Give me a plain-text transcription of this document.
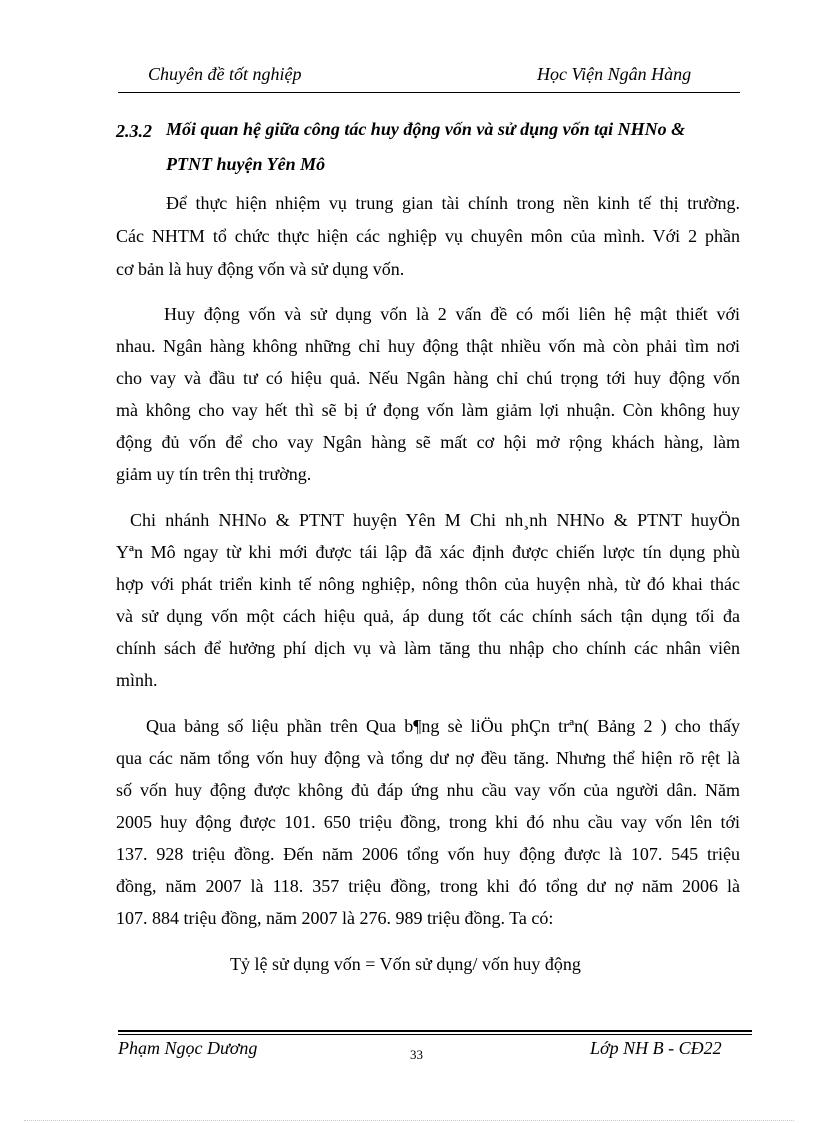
Chuyên đề tốt nghiệp	Học Viện Ngân Hàng
2.3.2 Mối quan hệ giữa công tác huy động vốn và sử dụng vốn tại NHNo &
PTNT huyện Yên Mô
Để thực hiện nhiệm vụ trung gian tài chính trong nền kinh tế thị trường.
Các NHTM tổ chức thực hiện các nghiệp vụ chuyên môn của mình. Với 2 phần
cơ bản là huy động vốn và sử dụng vốn.
Huy động vốn và sử dụng vốn là 2 vấn đề có mối liên hệ mật thiết với
nhau. Ngân hàng không những chỉ huy động thật nhiều vốn mà còn phải tìm nơi
cho vay và đầu tư có hiệu quả. Nếu Ngân hàng chỉ chú trọng tới huy động vốn
mà không cho vay hết thì sẽ bị ứ đọng vốn làm giảm lợi nhuận. Còn không huy
động đủ vốn để cho vay Ngân hàng sẽ mất cơ hội mở rộng khách hàng, làm
giảm uy tín trên thị trường.
Chi nhánh NHNo & PTNT huyện Yên M Chi nh¸nh NHNo & PTNT huyÖn
Yªn Mô ngay từ khi mới được tái lập đã xác định được chiến lược tín dụng phù
hợp với phát triển kinh tế nông nghiệp, nông thôn của huyện nhà, từ đó khai thác
và sử dụng vốn một cách hiệu quả, áp dung tốt các chính sách tận dụng tối đa
chính sách để hưởng phí dịch vụ và làm tăng thu nhập cho chính các nhân viên
mình.
Qua bảng số liệu phần trên Qua b¶ng sè liÖu phÇn trªn( Bảng 2 ) cho thấy
qua các năm tổng vốn huy động và tổng dư nợ đều tăng. Nhưng thể hiện rõ rệt là
số vốn huy động được không đủ đáp ứng nhu cầu vay vốn của người dân. Năm
2005 huy động được 101. 650 triệu đồng, trong khi đó nhu cầu vay vốn lên tới
137. 928 triệu đồng. Đến năm 2006 tổng vốn huy động được là 107. 545 triệu
đồng, năm 2007 là 118. 357 triệu đồng, trong khi đó tổng dư nợ năm 2006 là
107. 884 triệu đồng, năm 2007 là 276. 989 triệu đồng. Ta có:
Tỷ lệ sử dụng vốn = Vốn sử dụng/ vốn huy động
Phạm Ngọc Dương	33	Lớp NH B - CĐ22
